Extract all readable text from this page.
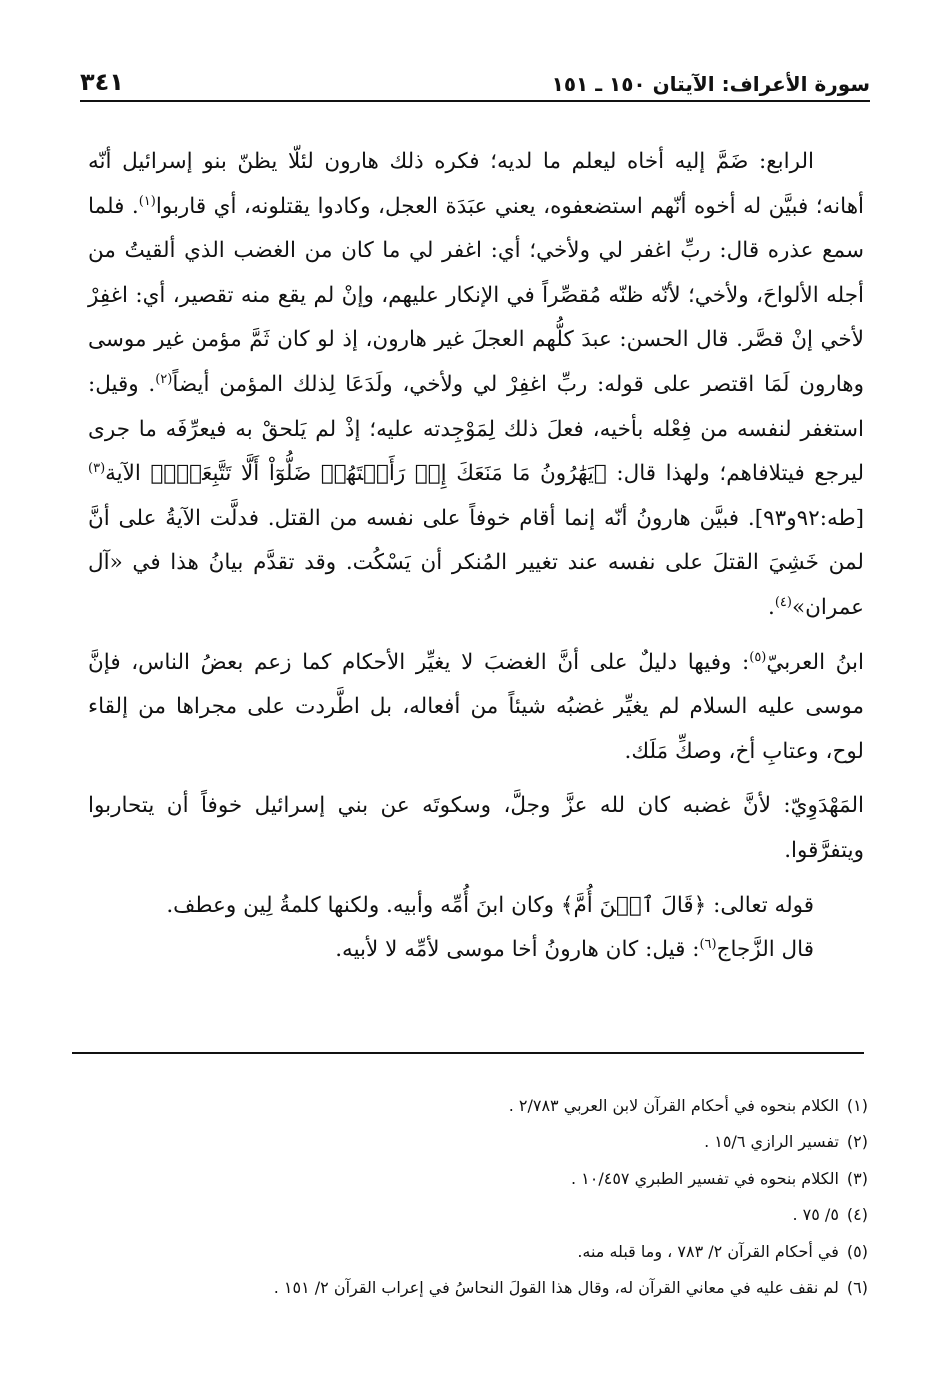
سورة الأعراف: الآيتان ١٥٠ ـ ١٥١
٣٤١

الرابع: ضَمَّ إليه أخاه ليعلم ما لديه؛ فكره ذلك هارون لئلّا يظنّ بنو إسرائيل أنّه أهانه؛ فبيَّن له أخوه أنّهم استضعفوه، يعني عبَدَة العجل، وكادوا يقتلونه، أي قاربوا$^{(١)}$. فلما سمع عذره قال: ربِّ اغفر لي ولأخي؛ أي: اغفر لي ما كان من الغضب الذي ألقيتُ من أجله الألواحَ، ولأخي؛ لأنّه ظنّه مُقصِّراً في الإنكار عليهم، وإنْ لم يقع منه تقصير، أي: اغفِرْ لأخي إنْ قصَّر. قال الحسن: عبدَ كلُّهم العجلَ غير هارون، إذ لو كان ثَمَّ مؤمن غير موسى وهارون لَمَا اقتصر على قوله: ربِّ اغفِرْ لي ولأخي، ولَدَعَا لِذلك المؤمن أيضاً$^{(٢)}$. وقيل: استغفر لنفسه من فِعْله بأخيه، فعلَ ذلك لِمَوْجِدته عليه؛ إذْ لم يَلحقْ به فيعرِّفَه ما جرى ليرجع فيتلافاهم؛ ولهذا قال: ﴿يَهَٰرُونُ مَا مَنَعَكَ إِذۡ رَأَيۡتَهُمۡ ضَلُّوٓاْ أَلَّا تَتَّبِعَنِۖ﴾ الآية$^{(٣)}$ [طه:٩٢و٩٣]. فبيَّن هارونُ أنّه إنما أقام خوفاً على نفسه من القتل. فدلَّت الآيةُ على أنَّ لمن خَشِيَ القتلَ على نفسه عند تغيير المُنكر أن يَسْكُت. وقد تقدَّم بيانُ هذا في «آل عمران»$^{(٤)}$.

ابنُ العربيّ$^{(٥)}$: وفيها دليلٌ على أنَّ الغضبَ لا يغيِّر الأحكام كما زعم بعضُ الناس، فإنَّ موسى عليه السلام لم يغيِّر غضبُه شيئاً من أفعاله، بل اطَّردت على مجراها من إلقاء لوح، وعتابِ أخ، وصكِّ مَلَك.

المَهْدَوِيّ: لأنَّ غضبه كان لله عزَّ وجلَّ، وسكوتَه عن بني إسرائيل خوفاً أن يتحاربوا ويتفرَّقوا.

قوله تعالى: ﴿قَالَ ٱبۡنَ أُمَّ﴾ وكان ابنَ أُمِّه وأبيه. ولكنها كلمةُ لِين وعطف.

قال الزَّجاج$^{(٦)}$: قيل: كان هارونُ أخا موسى لأمِّه لا لأبيه.

(١)الكلام بنحوه في أحكام القرآن لابن العربي ٢/٧٨٣ .

(٢)تفسير الرازي ١٥/٦ .

(٣)الكلام بنحوه في تفسير الطبري ١٠/٤٥٧ .

(٤)٥/ ٧٥ .

(٥)في أحكام القرآن ٢/ ٧٨٣ ، وما قبله منه.

(٦)لم نقف عليه في معاني القرآن له، وقال هذا القولَ النحاسُ في إعراب القرآن ٢/ ١٥١ .
